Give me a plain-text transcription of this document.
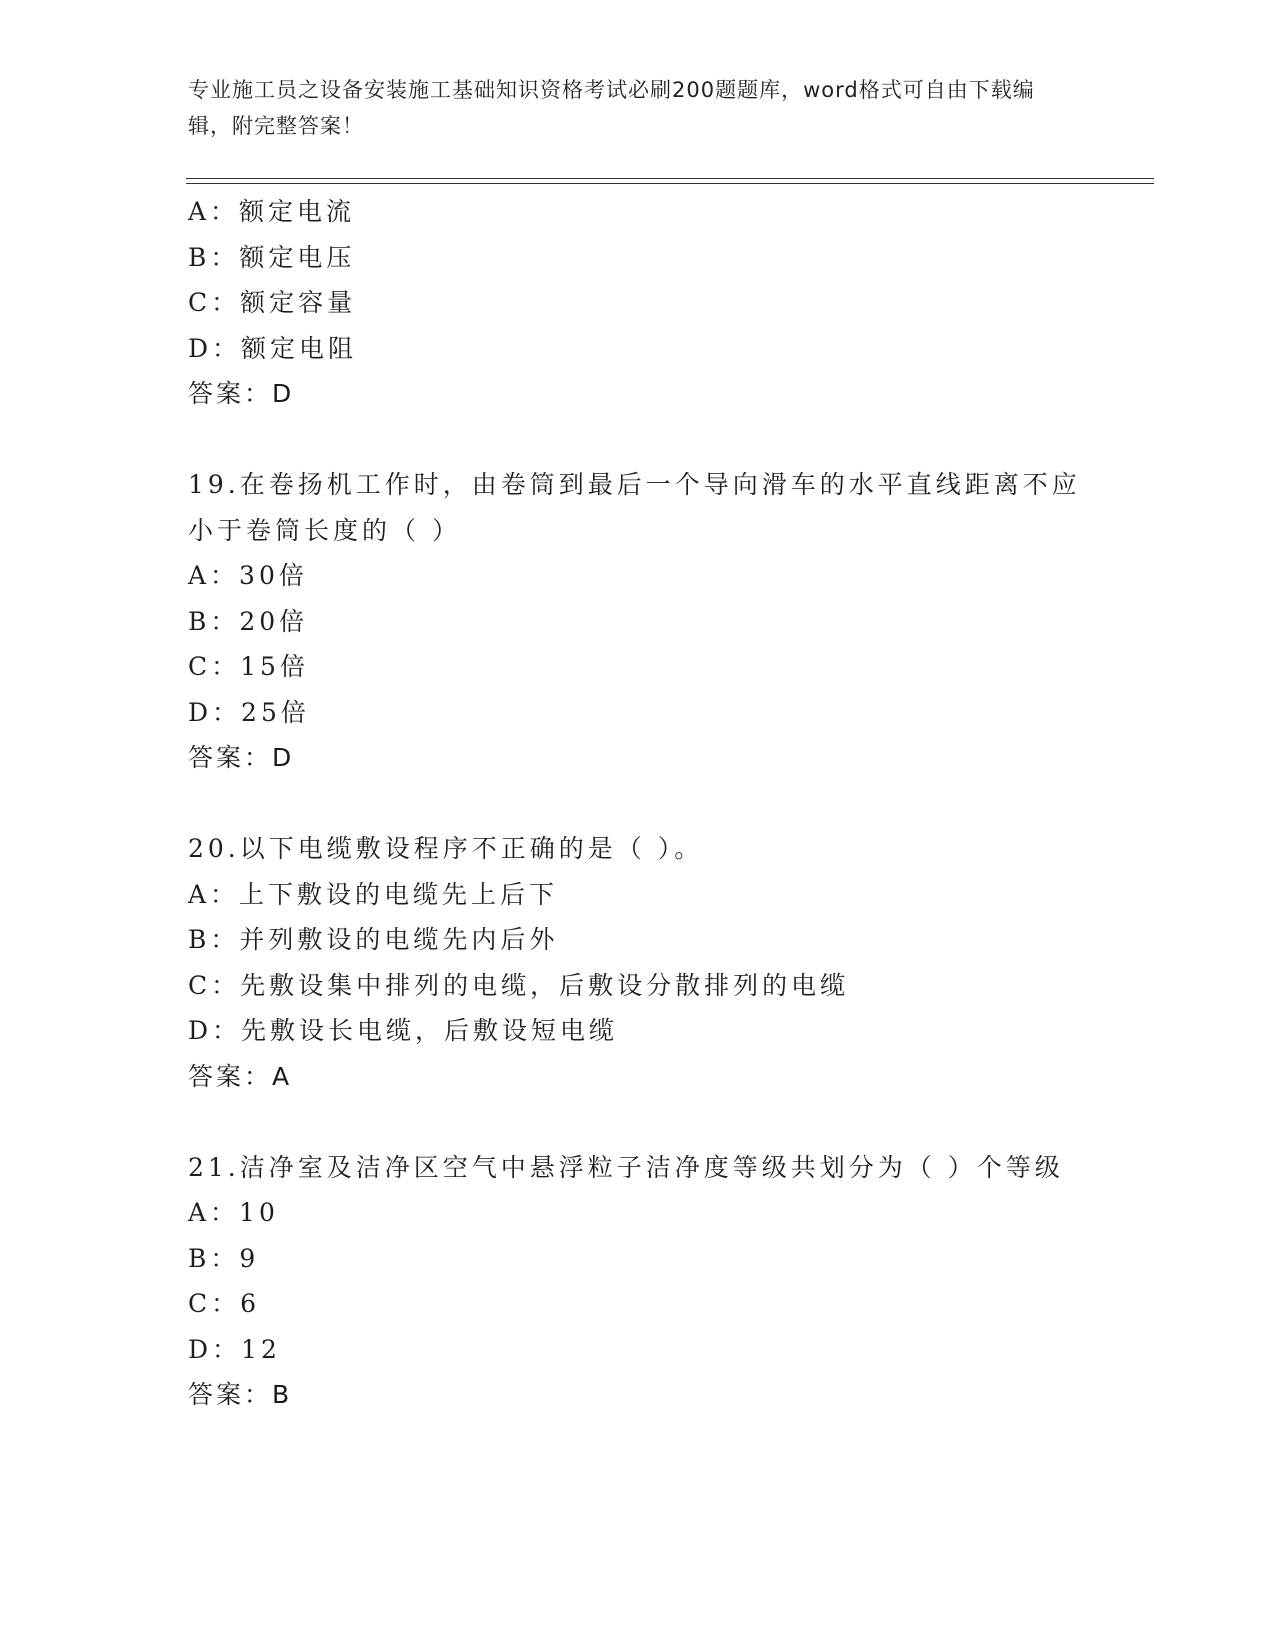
专业施工员之设备安装施工基础知识资格考试必刷200题题库，word格式可自由下载编辑，附完整答案！
A：额定电流
B：额定电压
C：额定容量
D：额定电阻
答案：D
19.在卷扬机工作时，由卷筒到最后一个导向滑车的水平直线距离不应小于卷筒长度的（ ）
A：30倍
B：20倍
C：15倍
D：25倍
答案：D
20.以下电缆敷设程序不正确的是（ ）。
A：上下敷设的电缆先上后下
B：并列敷设的电缆先内后外
C：先敷设集中排列的电缆，后敷设分散排列的电缆
D：先敷设长电缆，后敷设短电缆
答案：A
21.洁净室及洁净区空气中悬浮粒子洁净度等级共划分为（ ）个等级
A：10
B：9
C：6
D：12
答案：B
